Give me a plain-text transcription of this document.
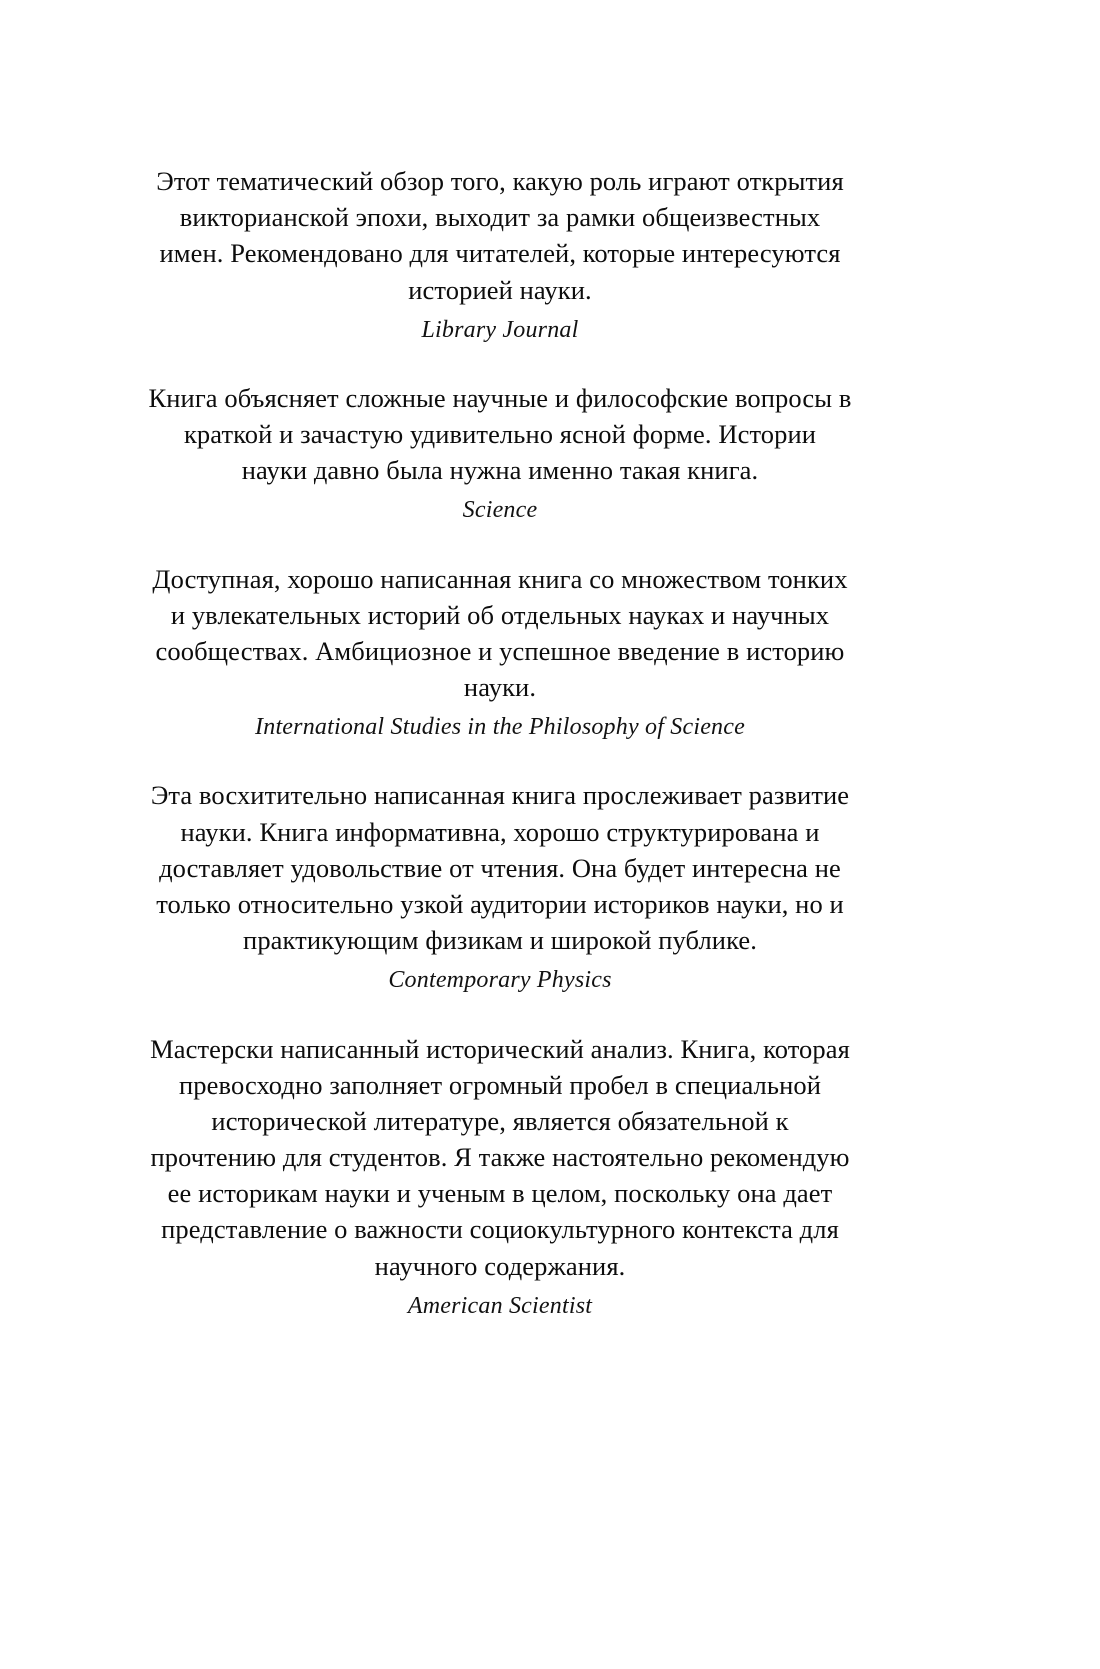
Этот тематический обзор того, какую роль играют открытия викторианской эпохи, выходит за рамки общеизвестных имен. Рекомендовано для читателей, которые интересуются историей науки.

Library Journal

Книга объясняет сложные научные и философские вопросы в краткой и зачастую удивительно ясной форме. Истории науки давно была нужна именно такая книга.

Science

Доступная, хорошо написанная книга со множеством тонких и увлекательных историй об отдельных науках и научных сообществах. Амбициозное и успешное введение в историю науки.

International Studies in the Philosophy of Science

Эта восхитительно написанная книга прослеживает развитие науки. Книга информативна, хорошо структурирована и доставляет удовольствие от чтения. Она будет интересна не только относительно узкой аудитории историков науки, но и практикующим физикам и широкой публике.

Contemporary Physics

Мастерски написанный исторический анализ. Книга, которая превосходно заполняет огромный пробел в специальной исторической литературе, является обязательной к прочтению для студентов. Я также настоятельно рекомендую ее историкам науки и ученым в целом, поскольку она дает представление о важности социокультурного контекста для научного содержания.

American Scientist
